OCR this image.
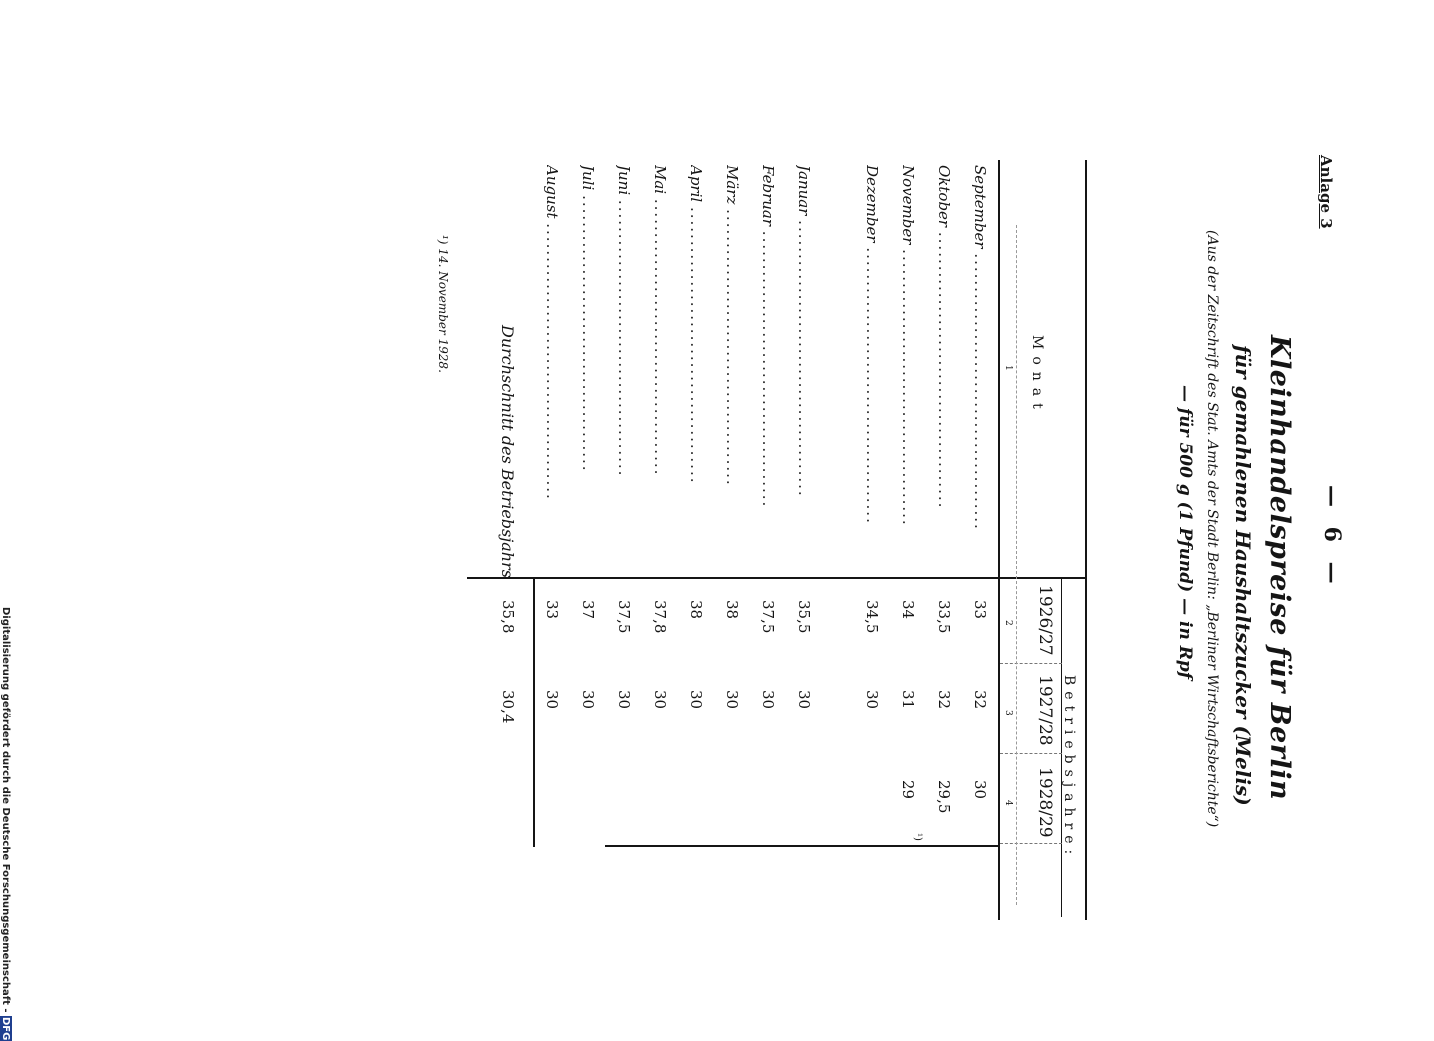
— 6 —
Anlage 3
Kleinhandelspreise für Berlin
für gemahlenen Haushaltszucker (Melis)
(Aus der Zeitschrift des Stat. Amts der Stadt Berlin: „Berliner Wirtschaftsberichte“)
— für 500 g (1 Pfund) — in Rpf
Monat
Betriebsjahre:
1926/27
1927/28
1928/29
1
2
3
4
September .........................................
33
32
30
Oktober .........................................
33,5
32
29,5
November .........................................
34
31
29
¹)
Dezember .........................................
34,5
30
Januar .........................................
35,5
30
Februar .........................................
37,5
30
März .........................................
38
30
April .........................................
38
30
Mai .........................................
37,8
30
Juni .........................................
37,5
30
Juli .........................................
37
30
August .........................................
33
30
Durchschnitt des Betriebsjahrs
35,8
30,4
¹) 14. November 1928.
Digitalisierung gefördert durch die Deutsche Forschungsgemeinschaft - DFG
